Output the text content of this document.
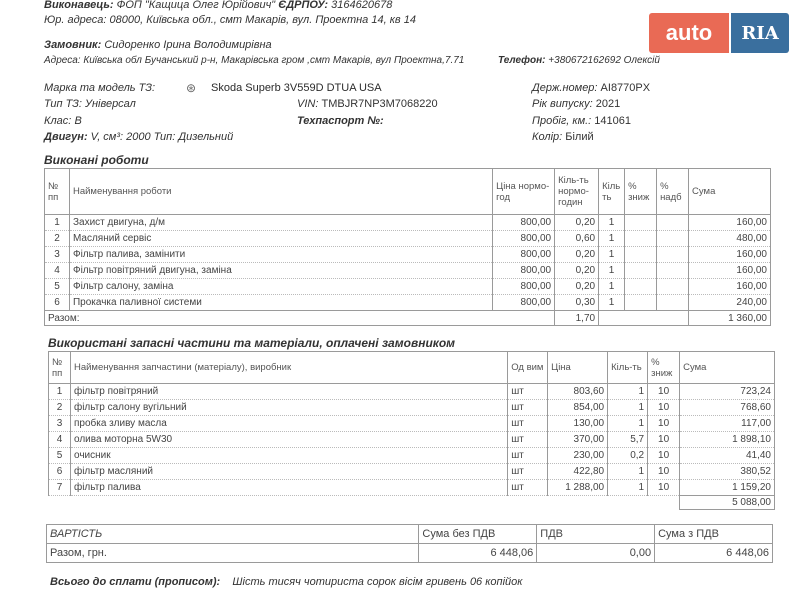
auto	RIA
Виконавець: ФОП "Кащица Олег Юрійович" ЄДРПОУ: 3164620678
Юр. адреса: 08000, Київська обл., смт Макарів, вул. Проектна 14, кв 14
Замовник: Сидоренко Ірина Володимирівна
Адреса: Київська обл Бучанський р-н, Макарівська гром ,смт Макарів, вул Проектна,7.71	Телефон: +380672162692 Олексій
Марка та модель ТЗ:	⊛ Skoda Superb 3V559D DTUA USA	Держ.номер: AI8770PX
Тип ТЗ: Універсал	VIN: TMBJR7NP3M7068220	Рік випуску: 2021
Клас: В	Техпаспорт №:	Пробіг, км.: 141061
Двигун: V, см³: 2000 Тип: Дизельний	Колір: Білий
Виконані роботи
№ пп	Найменування роботи	Ціна нормо-год	Кіль-ть нормо-годин	Кіль ть	% зниж	% надб	Сума
1	Захист двигуна, д/м	800,00	0,20	1			160,00
2	Масляний сервіс	800,00	0,60	1			480,00
3	Фільтр палива, замінити	800,00	0,20	1			160,00
4	Фільтр повітряний двигуна, заміна	800,00	0,20	1			160,00
5	Фільтр салону, заміна	800,00	0,20	1			160,00
6	Прокачка паливної системи	800,00	0,30	1			240,00
Разом:			1,70				1 360,00
Використані запасні частини та матеріали, оплачені замовником
№ пп	Найменування запчастини (матеріалу), виробник	Од вим	Ціна	Кіль-ть	% зниж	Сума
1	фільтр повітряний	шт	803,60	1	10	723,24
2	фільтр салону вугільний	шт	854,00	1	10	768,60
3	пробка зливу масла	шт	130,00	1	10	117,00
4	олива моторна 5W30	шт	370,00	5,7	10	1 898,10
5	очисник	шт	230,00	0,2	10	41,40
6	фільтр масляний	шт	422,80	1	10	380,52
7	фільтр палива	шт	1 288,00	1	10	1 159,20
						5 088,00
ВАРТІСТЬ	Сума без ПДВ	ПДВ	Сума з ПДВ
Разом, грн.	6 448,06	0,00	6 448,06
Всього до сплати (прописом): Шість тисяч чотириста сорок вісім гривень 06 копійок
